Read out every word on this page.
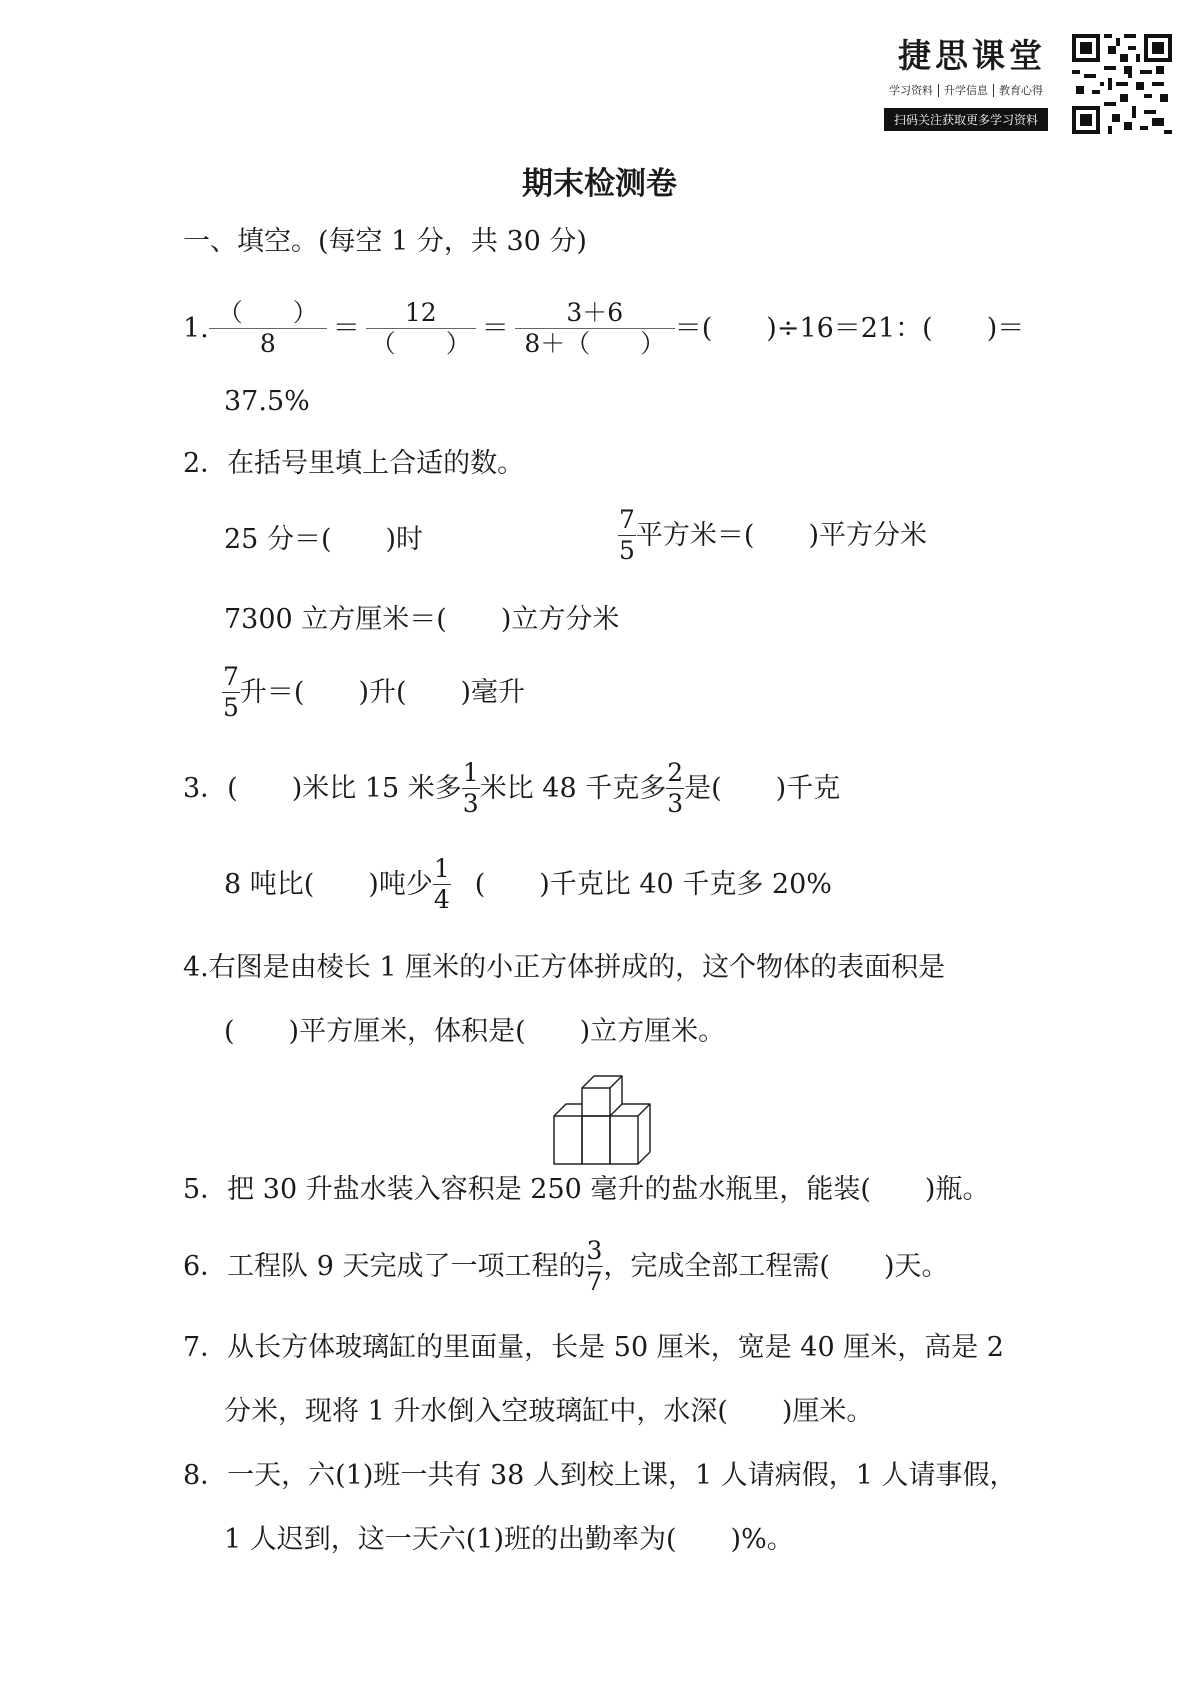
捷思课堂
学习资料 升学信息 教育心得
扫码关注获取更多学习资料
期末检测卷
一、填空。(每空 1 分，共 30 分)
1. （　　）
8	＝	12
（　　） ＝ $\frac{3+6}{8+( )}$ ＝(　　)÷16＝21：(　　)＝
37.5%
2．在括号里填上合适的数。
25 分＝(　　)时	$\frac{7}{5}$ 平方米＝(　　)平方分米
7300 立方厘米＝(　　)立方分米
$\frac{7}{5}$ 升＝(　　)升(　　)毫升
3．(　　)米比 15 米多 $\frac{1}{3}$ 米比 48 千克多 $\frac{2}{3}$ 是(　　)千克
8 吨比(　　)吨少 $\frac{1}{4}$ (　　)千克比 40 千克多 20%
4.右图是由棱长 1 厘米的小正方体拼成的，这个物体的表面积是
(　　)平方厘米，体积是(　　)立方厘米。
5．把 30 升盐水装入容积是 250 毫升的盐水瓶里，能装(　　)瓶。
6．工程队 9 天完成了一项工程的 $\frac{3}{7}$ ，完成全部工程需(　　)天。
7．从长方体玻璃缸的里面量，长是 50 厘米，宽是 40 厘米，高是 2
分米，现将 1 升水倒入空玻璃缸中，水深(　　)厘米。
8．一天，六(1)班一共有 38 人到校上课，1 人请病假，1 人请事假，
1 人迟到，这一天六(1)班的出勤率为(　　)%。
